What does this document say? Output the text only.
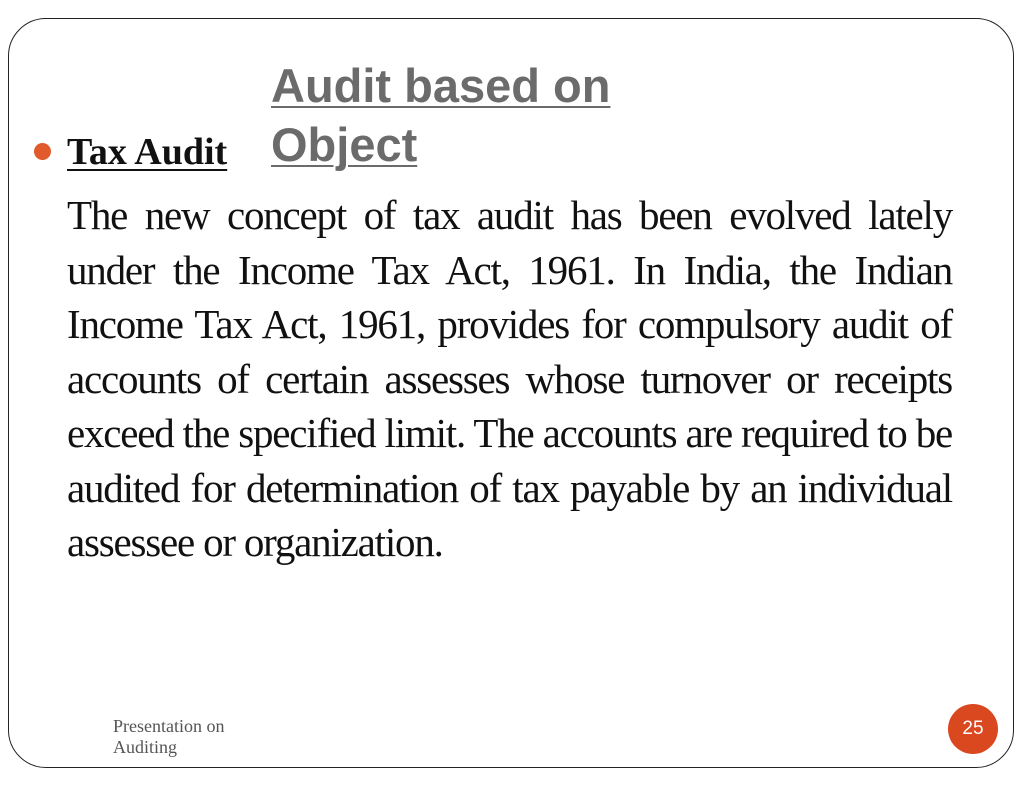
Audit based on Object
Tax Audit

The new concept of tax audit has been evolved lately under the Income Tax Act, 1961. In India, the Indian Income Tax Act, 1961, provides for compulsory audit of accounts of certain assesses whose turnover or receipts exceed the specified limit. The accounts are required to be audited for determination of tax payable by an individual assessee or organization.

Presentation on Auditing
25
